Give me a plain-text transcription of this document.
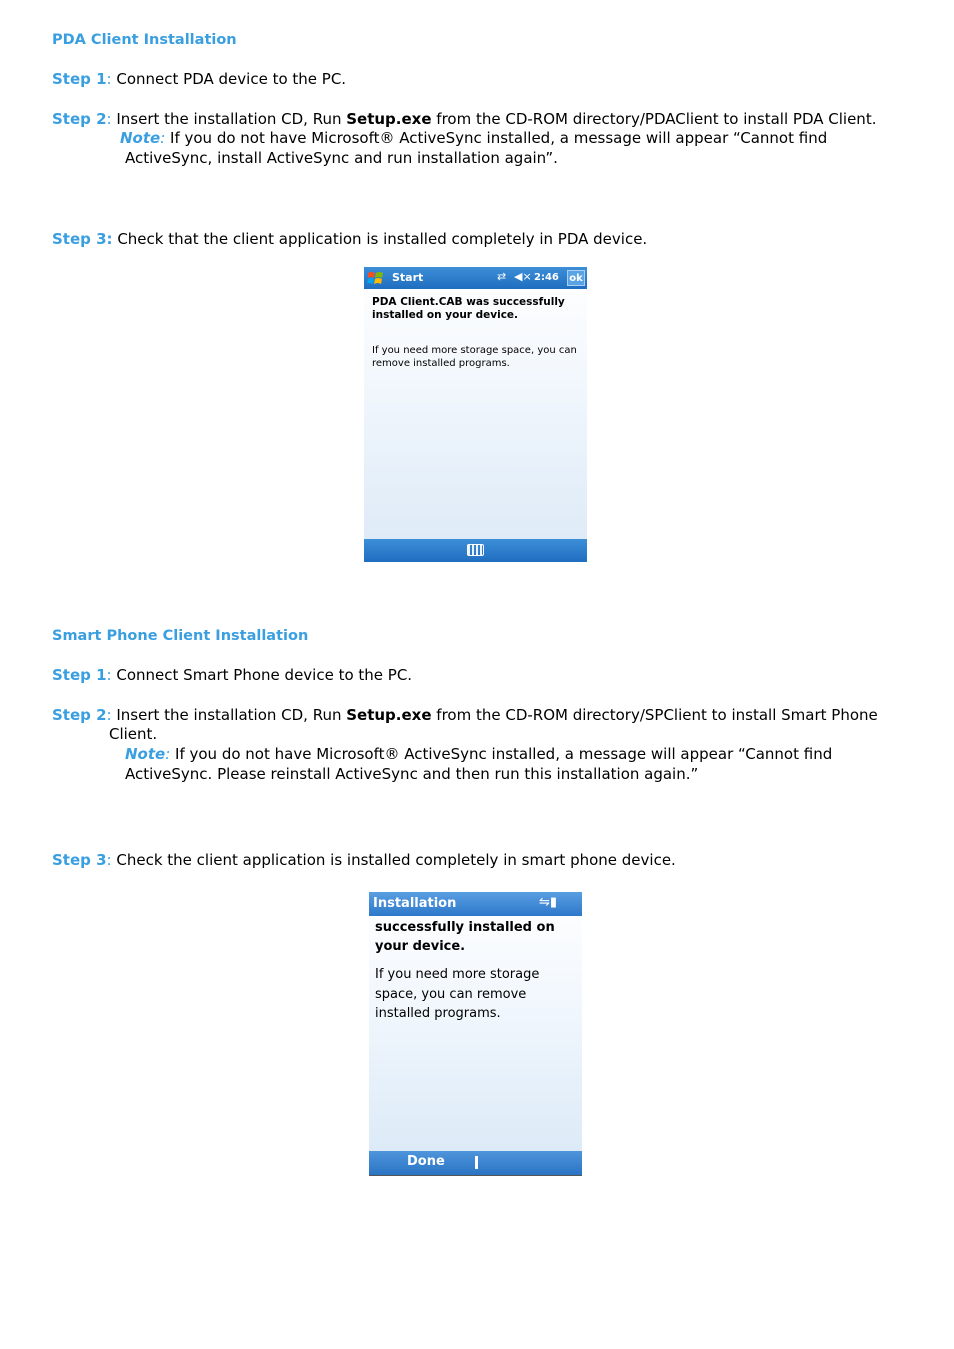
PDA Client Installation
Step 1: Connect PDA device to the PC.
Step 2: Insert the installation CD, Run Setup.exe from the CD-ROM directory/PDAClient to install PDA Client.
Note: If you do not have Microsoft® ActiveSync installed, a message will appear “Cannot find
ActiveSync, install ActiveSync and run installation again”.
Step 3: Check that the client application is installed completely in PDA device.
Start	⇄ ◀× 2:46 ok
PDA Client.CAB was successfully installed on your device.
If you need more storage space, you can remove installed programs.
Smart Phone Client Installation
Step 1: Connect Smart Phone device to the PC.
Step 2: Insert the installation CD, Run Setup.exe from the CD-ROM directory/SPClient to install Smart Phone
Client.
Note: If you do not have Microsoft® ActiveSync installed, a message will appear “Cannot find
ActiveSync. Please reinstall ActiveSync and then run this installation again.”
Step 3: Check the client application is installed completely in smart phone device.
Installation	⇋▮
successfully installed on your device.
If you need more storage space, you can remove installed programs.
Done
